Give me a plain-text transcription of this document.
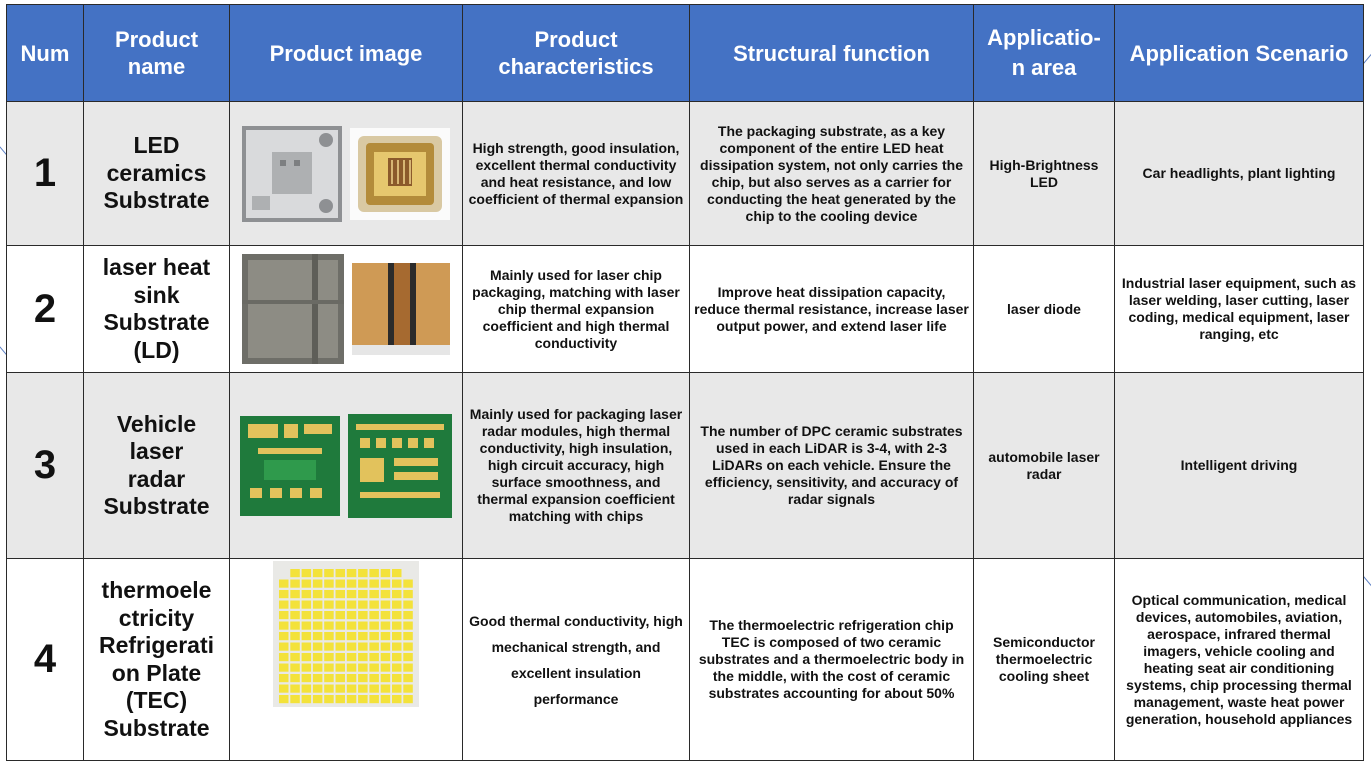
Num	Product name	Product image	Product characteristics	Structural function	Applicatio-n area	Application Scenario
1	LED ceramics Substrate		High strength, good insulation, excellent thermal conductivity and heat resistance, and low coefficient of thermal expansion	The packaging substrate, as a key component of the entire LED heat dissipation system, not only carries the chip, but also serves as a carrier for conducting the heat generated by the chip to the cooling device	High-Brightness LED	Car headlights, plant lighting
2	laser heat sink Substrate (LD)		Mainly used for laser chip packaging, matching with laser chip thermal expansion coefficient and high thermal conductivity	Improve heat dissipation capacity, reduce thermal resistance, increase laser output power, and extend laser life	laser diode	Industrial laser equipment, such as laser welding, laser cutting, laser coding, medical equipment, laser ranging, etc
3	Vehicle laser radar Substrate		Mainly used for packaging laser radar modules, high thermal conductivity, high insulation, high circuit accuracy, high surface smoothness, and thermal expansion coefficient matching with chips	The number of DPC ceramic substrates used in each LiDAR is 3-4, with 2-3 LiDARs on each vehicle. Ensure the efficiency, sensitivity, and accuracy of radar signals	automobile laser radar	Intelligent driving
4	thermoele ctricity Refrigerati on Plate (TEC) Substrate		Good thermal conductivity, high mechanical strength, and excellent insulation performance	The thermoelectric refrigeration chip TEC is composed of two ceramic substrates and a thermoelectric body in the middle, with the cost of ceramic substrates accounting for about 50%	Semiconductor thermoelectric cooling sheet	Optical communication, medical devices, automobiles, aviation, aerospace, infrared thermal imagers, vehicle cooling and heating seat air conditioning systems, chip processing thermal management, waste heat power generation, household appliances
